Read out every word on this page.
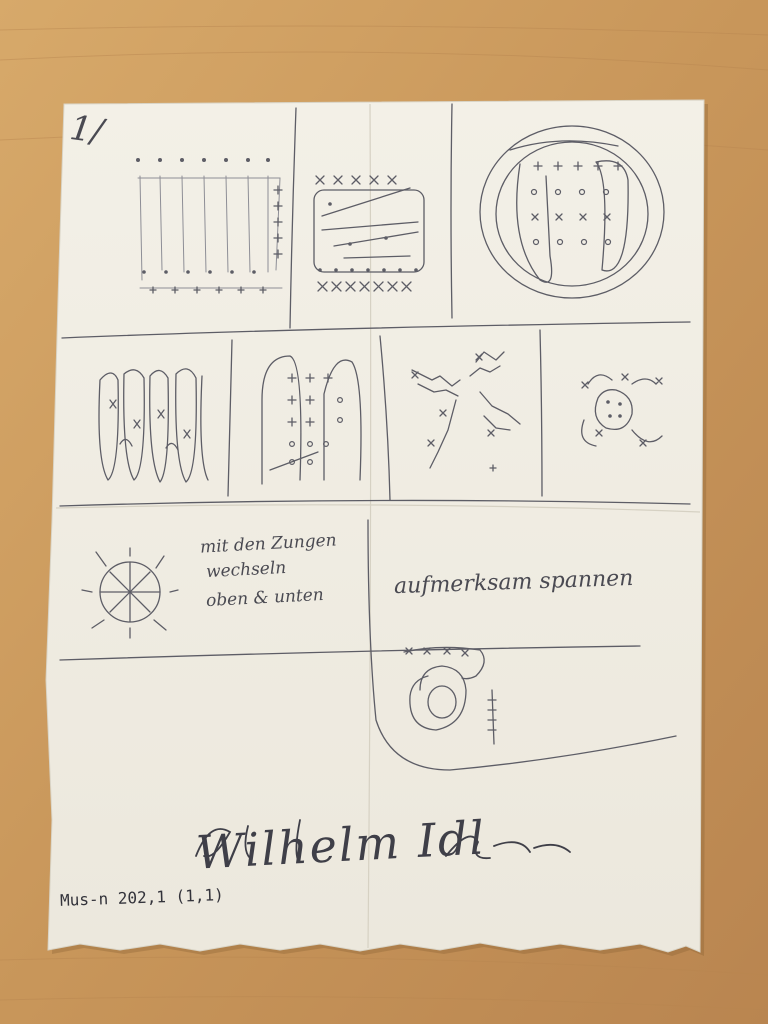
1/
mit den Zungen
wechseln
oben & unten	aufmerksam spannen
Wilhelm Idl
Mus-n 202,1 (1,1)
